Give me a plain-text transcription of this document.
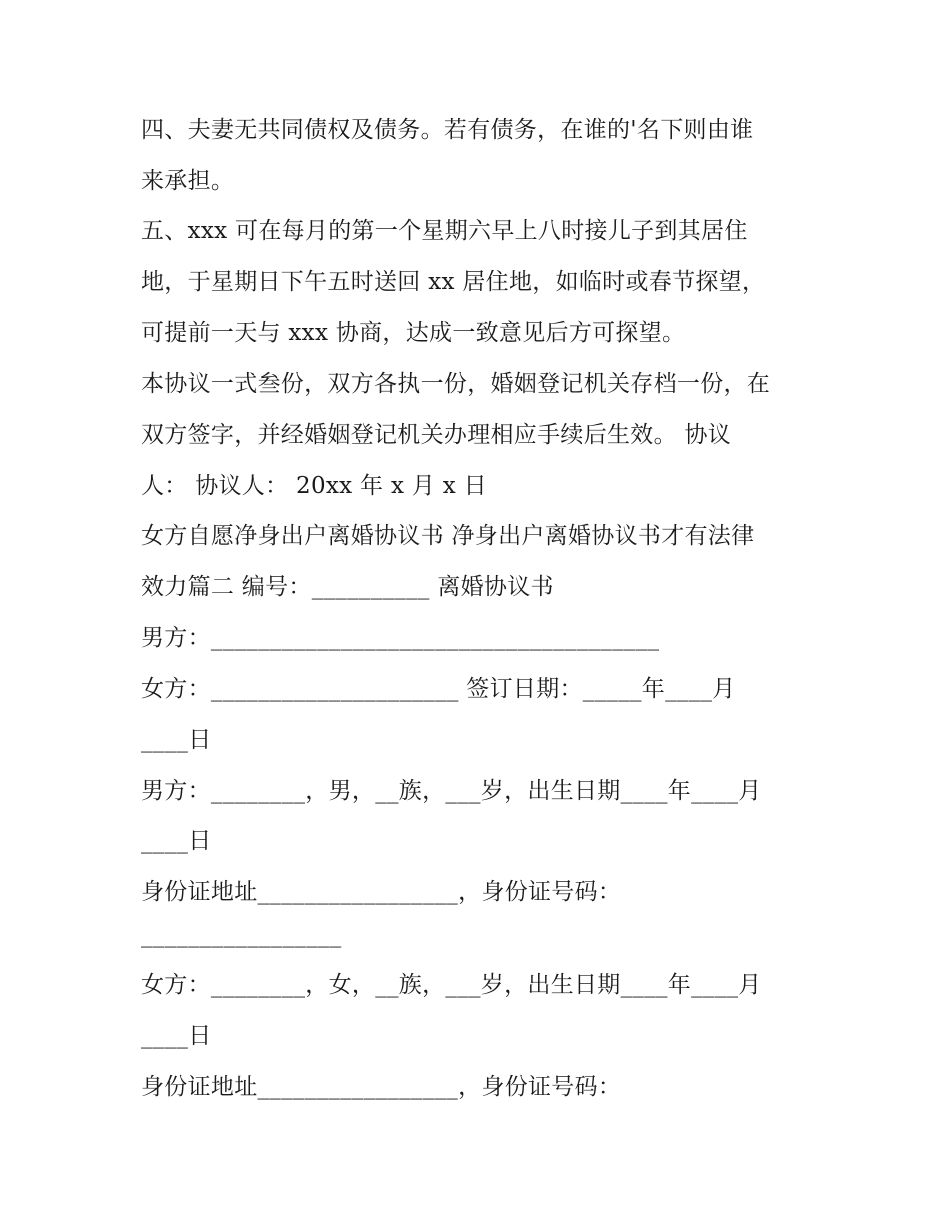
四、夫妻无共同债权及债务。若有债务，在谁的'名下则由谁

来承担。

五、xxx 可在每月的第一个星期六早上八时接儿子到其居住

地，于星期日下午五时送回 xx 居住地，如临时或春节探望，

可提前一天与 xxx 协商，达成一致意见后方可探望。

本协议一式叁份，双方各执一份，婚姻登记机关存档一份，在

双方签字，并经婚姻登记机关办理相应手续后生效。 协议

人： 协议人： 20xx 年 x 月 x 日

女方自愿净身出户离婚协议书 净身出户离婚协议书才有法律

效力篇二 编号：__________ 离婚协议书

男方：______________________________________

女方：_____________________ 签订日期：_____年____月

____日

男方：________，男，__族，___岁，出生日期____年____月

____日

身份证地址_________________，身份证号码：

_________________

女方：________，女，__族，___岁，出生日期____年____月

____日

身份证地址_________________，身份证号码：
